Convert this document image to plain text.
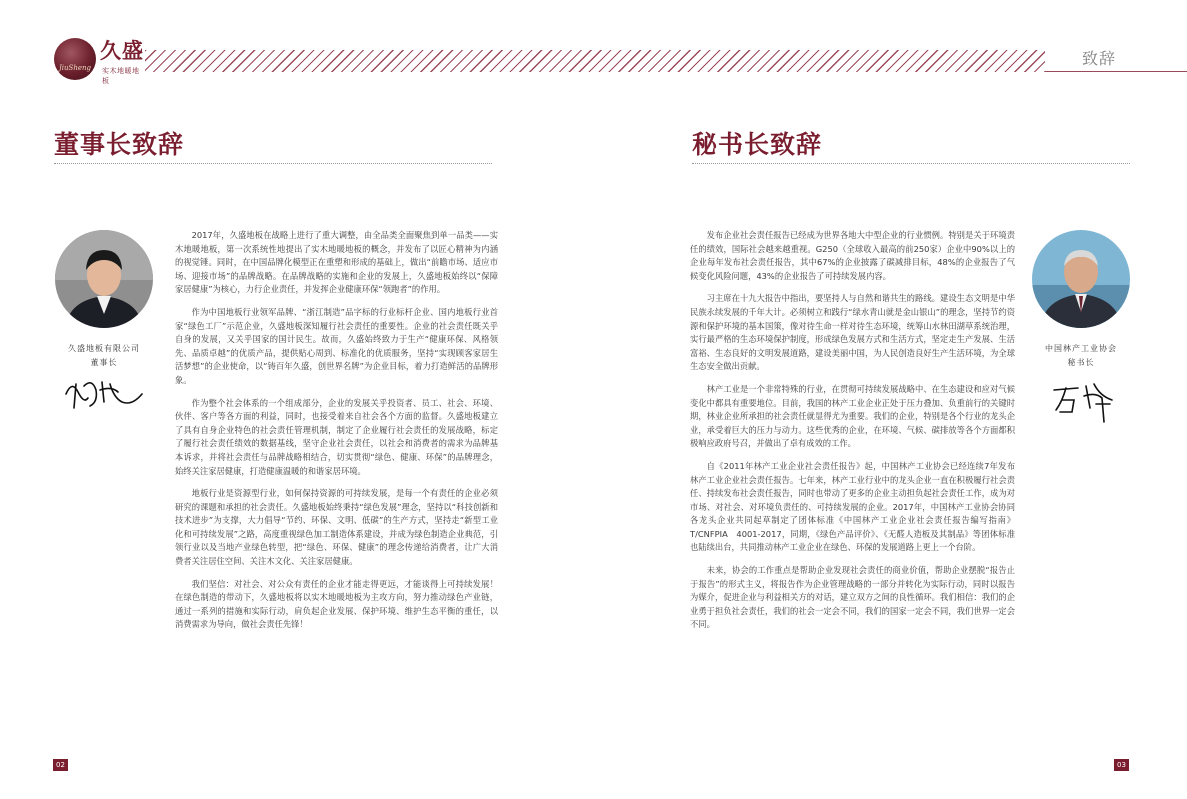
JiuSheng
久盛
实木地暖地板
致辞
董事长致辞
久盛地板有限公司
董事长

2017年，久盛地板在战略上进行了重大调整，由全品类全面聚焦到单一品类——实木地暖地板，第一次系统性地提出了实木地暖地板的概念，并发布了以匠心精神为内涵的视觉锤。同时，在中国品牌化模型正在重塑和形成的基础上，做出“前瞻市场、适应市场、迎接市场”的品牌战略。在品牌战略的实施和企业的发展上，久盛地板始终以“保障家居健康”为核心，力行企业责任，并发挥企业健康环保“领跑者”的作用。

作为中国地板行业领军品牌、“浙江制造”品字标的行业标杆企业、国内地板行业首家“绿色工厂”示范企业，久盛地板深知履行社会责任的重要性。企业的社会责任既关乎自身的发展，又关乎国家的国计民生。故而，久盛始终致力于生产“健康环保、风格领先、品质卓越”的优质产品，提供贴心周到、标准化的优质服务，坚持“实现顾客家居生活梦想”的企业使命，以“铸百年久盛，创世界名牌”为企业目标，着力打造鲜活的品牌形象。

作为整个社会体系的一个组成部分，企业的发展关乎投资者、员工、社会、环境、伙伴、客户等各方面的利益，同时，也接受着来自社会各个方面的监督。久盛地板建立了具有自身企业特色的社会责任管理机制，制定了企业履行社会责任的发展战略，标定了履行社会责任绩效的数据基线，坚守企业社会责任，以社会和消费者的需求为品牌基本诉求，并将社会责任与品牌战略相结合，切实贯彻“绿色、健康、环保”的品牌理念，始终关注家居健康，打造健康温暖的和谐家居环境。

地板行业是资源型行业，如何保持资源的可持续发展，是每一个有责任的企业必须研究的课题和承担的社会责任。久盛地板始终秉持“绿色发展”理念，坚持以“科技创新和技术进步”为支撑，大力倡导“节约、环保、文明、低碳”的生产方式，坚持走“新型工业化和可持续发展”之路，高度重视绿色加工制造体系建设，并成为绿色制造企业典范，引领行业以及当地产业绿色转型，把“绿色、环保、健康”的理念传递给消费者，让广大消费者关注居住空间、关注木文化、关注家居健康。

我们坚信：对社会、对公众有责任的企业才能走得更远，才能谈得上可持续发展！在绿色制造的带动下，久盛地板将以实木地暖地板为主攻方向，努力推动绿色产业链，通过一系列的措施和实际行动，肩负起企业发展、保护环境、维护生态平衡的重任，以消费需求为导向，做社会责任先锋！

02
秘书长致辞

发布企业社会责任报告已经成为世界各地大中型企业的行业惯例。特别是关于环境责任的绩效，国际社会越来越重视。G250（全球收入最高的前250家）企业中90%以上的企业每年发布社会责任报告，其中67%的企业披露了碳减排目标，48%的企业报告了气候变化风险问题，43%的企业报告了可持续发展内容。

习主席在十九大报告中指出，要坚持人与自然和谐共生的路线。建设生态文明是中华民族永续发展的千年大计。必须树立和践行“绿水青山就是金山银山”的理念，坚持节约资源和保护环境的基本国策，像对待生命一样对待生态环境，统筹山水林田湖草系统治理，实行最严格的生态环境保护制度，形成绿色发展方式和生活方式，坚定走生产发展、生活富裕、生态良好的文明发展道路，建设美丽中国，为人民创造良好生产生活环境，为全球生态安全做出贡献。

林产工业是一个非常特殊的行业，在贯彻可持续发展战略中、在生态建设和应对气候变化中都具有重要地位。目前，我国的林产工业企业正处于压力叠加、负重前行的关键时期，林业企业所承担的社会责任就显得尤为重要。我们的企业，特别是各个行业的龙头企业，承受着巨大的压力与动力。这些优秀的企业，在环境、气候、碳排放等各个方面都积极响应政府号召，并做出了卓有成效的工作。

自《2011年林产工业企业社会责任报告》起，中国林产工业协会已经连续7年发布林产工业企业社会责任报告。七年来，林产工业行业中的龙头企业一直在积极履行社会责任、持续发布社会责任报告，同时也带动了更多的企业主动担负起社会责任工作，成为对市场、对社会、对环境负责任的、可持续发展的企业。2017年，中国林产工业协会协同各龙头企业共同起草制定了团体标准《中国林产工业企业社会责任报告编写指南》T/CNFPIA　4001-2017，同期，《绿色产品评价》、《无醛人造板及其制品》等团体标准也陆续出台，共同推动林产工业企业在绿色、环保的发展道路上更上一个台阶。

未来，协会的工作重点是帮助企业发现社会责任的商业价值，帮助企业摆脱“报告止于报告”的形式主义，将报告作为企业管理战略的一部分并转化为实际行动，同时以报告为媒介，促进企业与利益相关方的对话，建立双方之间的良性循环。我们相信：我们的企业勇于担负社会责任，我们的社会一定会不同，我们的国家一定会不同，我们世界一定会不同。

中国林产工业协会
秘书长
03
